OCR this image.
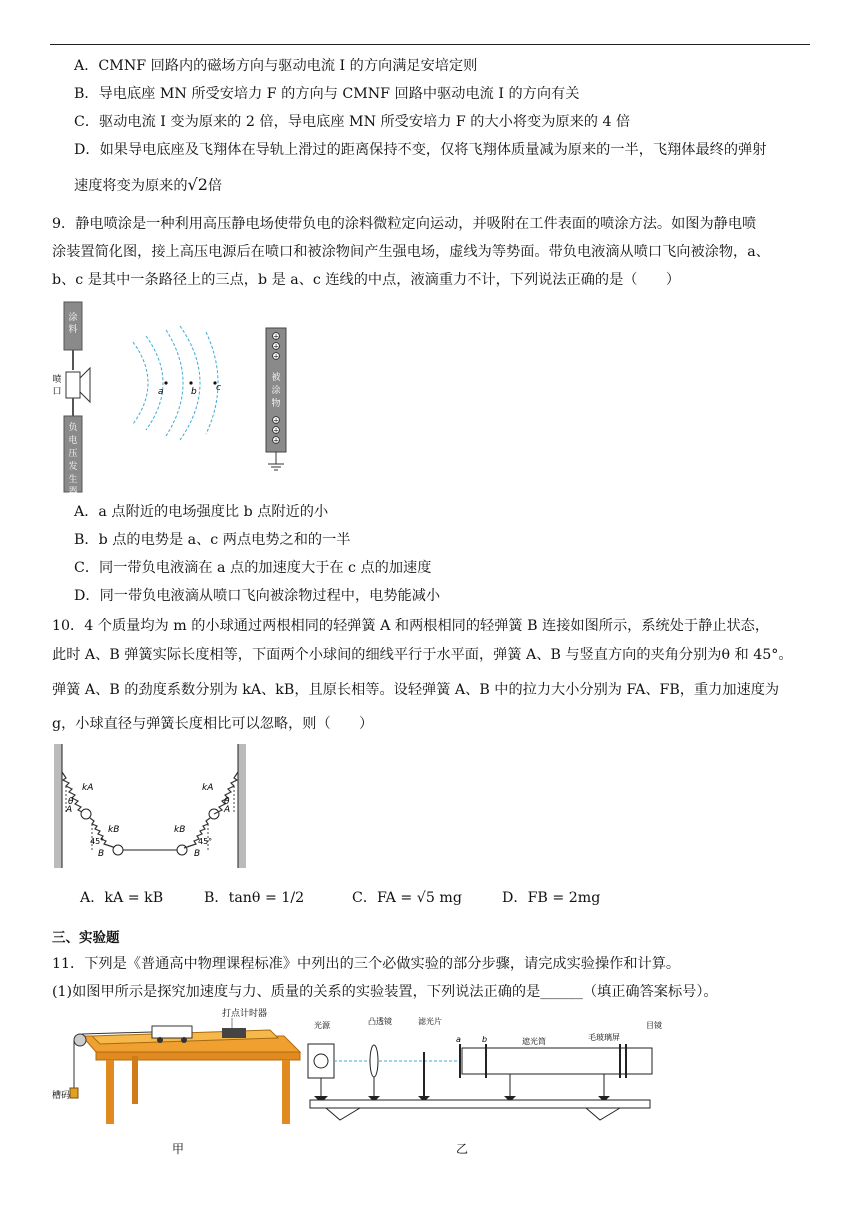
A．CMNF 回路内的磁场方向与驱动电流 I 的方向满足安培定则
B．导电底座 MN 所受安培力 F 的方向与 CMNF 回路中驱动电流 I 的方向有关
C．驱动电流 I 变为原来的 2 倍，导电底座 MN 所受安培力 F 的大小将变为原来的 4 倍
D．如果导电底座及飞翔体在导轨上滑过的距离保持不变，仅将飞翔体质量减为原来的一半，飞翔体最终的弹射
速度将变为原来的√2倍
9．静电喷涂是一种利用高压静电场使带负电的涂料微粒定向运动，并吸附在工件表面的喷涂方法。如图为静电喷
涂装置简化图，接上高压电源后在喷口和被涂物间产生强电场，虚线为等势面。带负电液滴从喷口飞向被涂物，a、
b、c 是其中一条路径上的三点，b 是 a、c 连线的中点，液滴重力不计，下列说法正确的是（　　）
涂
料
喷
口
负
电
压
发
生
器
a	b c
+
+
+
+
+
+
被
涂
物
A．a 点附近的电场强度比 b 点附近的小
B．b 点的电势是 a、c 两点电势之和的一半
C．同一带负电液滴在 a 点的加速度大于在 c 点的加速度
D．同一带负电液滴从喷口飞向被涂物过程中，电势能减小
10．4 个质量均为 m 的小球通过两根相同的轻弹簧 A 和两根相同的轻弹簧 B 连接如图所示，系统处于静止状态，
此时 A、B 弹簧实际长度相等，下面两个小球间的细线平行于水平面，弹簧 A、B 与竖直方向的夹角分别为θ 和 45°。
弹簧 A、B 的劲度系数分别为 kA、kB，且原长相等。设轻弹簧 A、B 中的拉力大小分别为 FA、FB，重力加速度为
g，小球直径与弹簧长度相比可以忽略，则（　　）
kA	kA
kB	kB
A	A
B	B
θ	θ
45°	45°
A．kA = kB	B．tanθ = 1/2	C．FA = √5 mg	D．FB = 2mg
三、实验题
11．下列是《普通高中物理课程标准》中列出的三个必做实验的部分步骤，请完成实验操作和计算。
(1)如图甲所示是探究加速度与力、质量的关系的实验装置，下列说法正确的是______（填正确答案标号）。
打点计时器
槽码
甲
光源	凸透镜	滤光片
a	b	遮光筒	毛玻璃屏
目镜
乙
